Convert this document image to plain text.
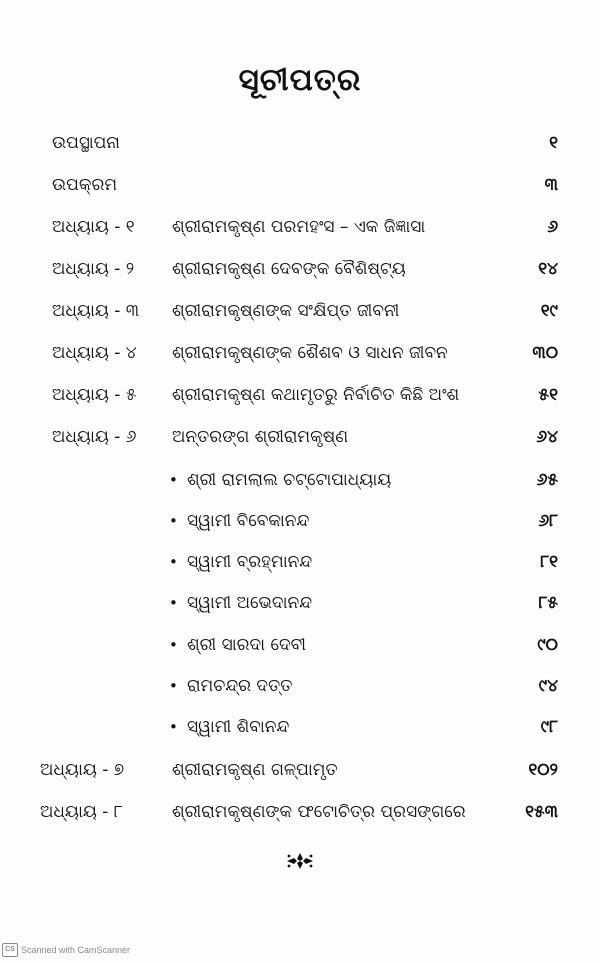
ସୂଚୀପତ୍ର
ଉପସ୍ଥାପନା	୧
ଉପକ୍ରମ	୩
ଅଧ୍ୟାୟ - ୧ ଶ୍ରୀରାମକୃଷ୍ଣ ପରମହଂସ – ଏକ ଜିଜ୍ଞାସା	୬
ଅଧ୍ୟାୟ - ୨ ଶ୍ରୀରାମକୃଷ୍ଣ ଦେବଙ୍କ ବୈଶିଷ୍ଟ୍ୟ	୧୪
ଅଧ୍ୟାୟ - ୩ ଶ୍ରୀରାମକୃଷ୍ଣଙ୍କ ସଂକ୍ଷିପ୍ତ ଜୀବନୀ	୧୯
ଅଧ୍ୟାୟ - ୪ ଶ୍ରୀରାମକୃଷ୍ଣଙ୍କ ଶୈଶବ ଓ ସାଧନ ଜୀବନ	୩୦
ଅଧ୍ୟାୟ - ୫ ଶ୍ରୀରାମକୃଷ୍ଣ କଥାମୃତରୁ ନିର୍ବାଚିତ କିଛି ଅଂଶ	୫୧
ଅଧ୍ୟାୟ - ୬ ଅନ୍ତରଙ୍ଗ ଶ୍ରୀରାମକୃଷ୍ଣ	୬୪
• ଶ୍ରୀ ରାମଲାଲ ଚଟ୍ଟୋପାଧ୍ୟାୟ	୬୫
• ସ୍ୱାମୀ ବିବେକାନନ୍ଦ	୬୮
• ସ୍ୱାମୀ ବ୍ରହ୍ମାନନ୍ଦ	୮୧
• ସ୍ୱାମୀ ଅଭେଦାନନ୍ଦ	୮୫
• ଶ୍ରୀ ସାରଦା ଦେବୀ	୯୦
• ରାମଚନ୍ଦ୍ର ଦତ୍ତ	୯୪
• ସ୍ୱାମୀ ଶିବାନନ୍ଦ	୯୮
ଅଧ୍ୟାୟ - ୭	ଶ୍ରୀରାମକୃଷ୍ଣ ଗଳ୍ପାମୃତ	୧୦୨
ଅଧ୍ୟାୟ - ୮	ଶ୍ରୀରାମକୃଷ୍ଣଙ୍କ ଫଟୋଚିତ୍ର ପ୍ରସଙ୍ଗରେ	୧୫୩
CS Scanned with CamScanner
